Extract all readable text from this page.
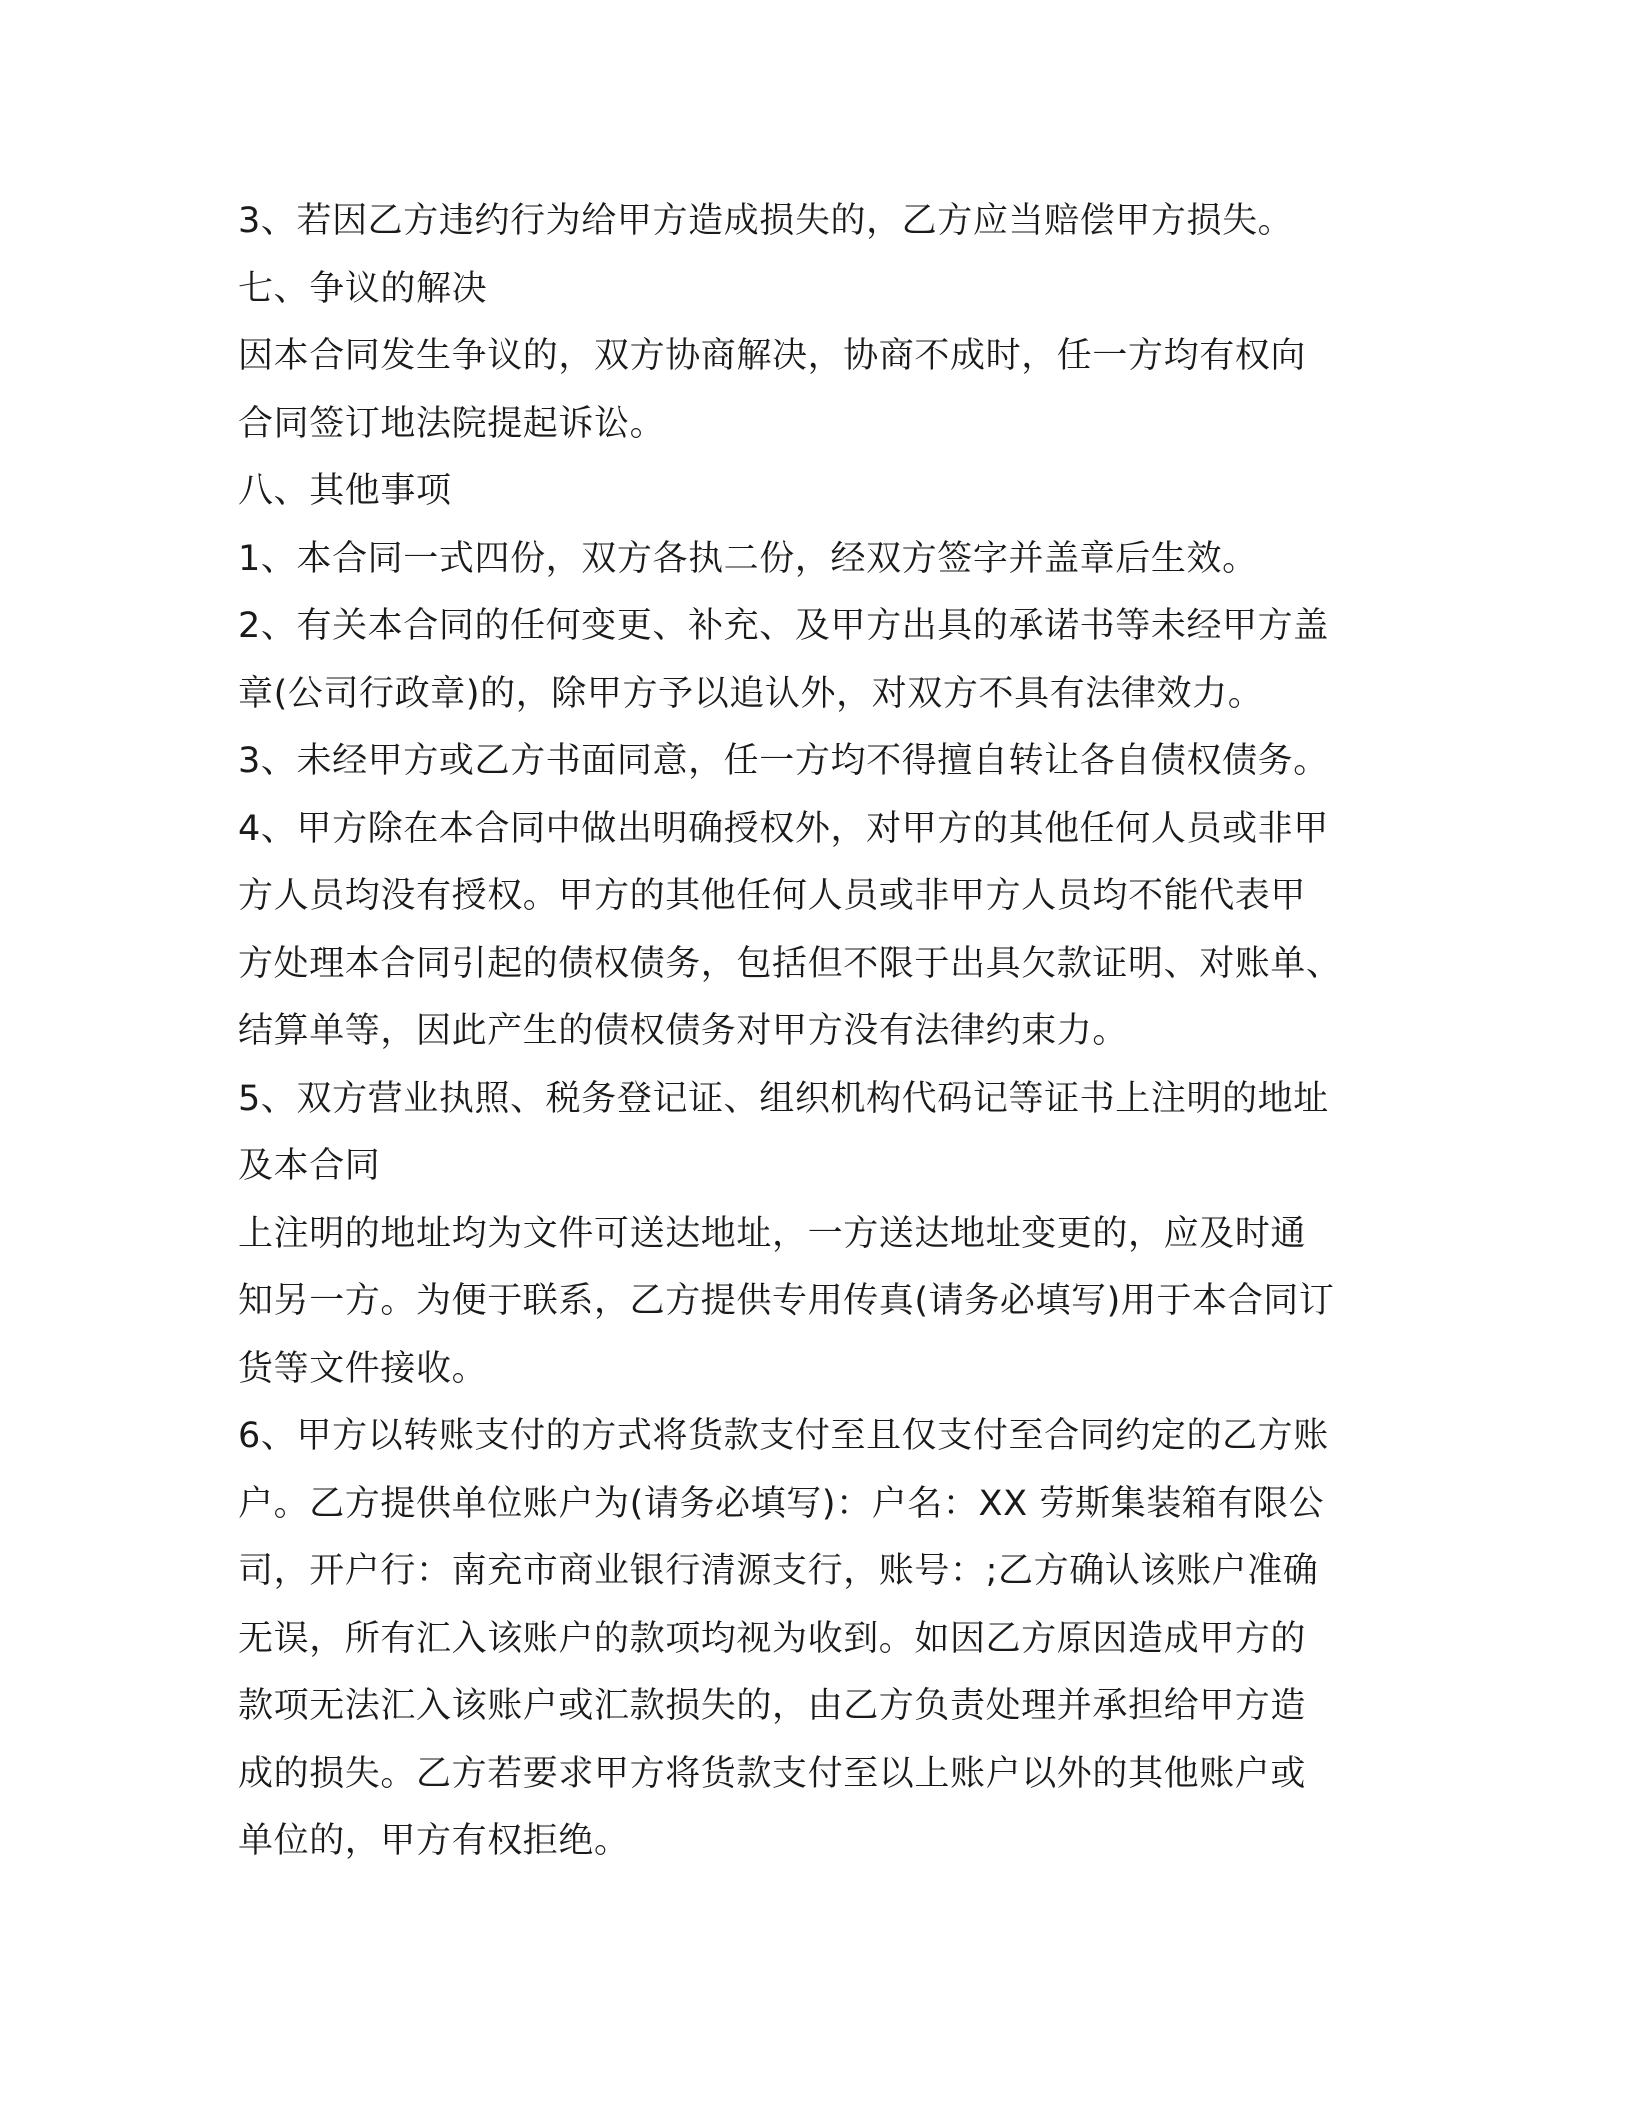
3、若因乙方违约行为给甲方造成损失的，乙方应当赔偿甲方损失。
七、争议的解决
因本合同发生争议的，双方协商解决，协商不成时，任一方均有权向
合同签订地法院提起诉讼。
八、其他事项
1、本合同一式四份，双方各执二份，经双方签字并盖章后生效。
2、有关本合同的任何变更、补充、及甲方出具的承诺书等未经甲方盖
章(公司行政章)的，除甲方予以追认外，对双方不具有法律效力。
3、未经甲方或乙方书面同意，任一方均不得擅自转让各自债权债务。
4、甲方除在本合同中做出明确授权外，对甲方的其他任何人员或非甲
方人员均没有授权。甲方的其他任何人员或非甲方人员均不能代表甲
方处理本合同引起的债权债务，包括但不限于出具欠款证明、对账单、
结算单等，因此产生的债权债务对甲方没有法律约束力。
5、双方营业执照、税务登记证、组织机构代码记等证书上注明的地址
及本合同
上注明的地址均为文件可送达地址，一方送达地址变更的，应及时通
知另一方。为便于联系，乙方提供专用传真(请务必填写)用于本合同订
货等文件接收。
6、甲方以转账支付的方式将货款支付至且仅支付至合同约定的乙方账
户。乙方提供单位账户为(请务必填写)：户名：XX 劳斯集装箱有限公
司，开户行：南充市商业银行清源支行，账号：;乙方确认该账户准确
无误，所有汇入该账户的款项均视为收到。如因乙方原因造成甲方的
款项无法汇入该账户或汇款损失的，由乙方负责处理并承担给甲方造
成的损失。乙方若要求甲方将货款支付至以上账户以外的其他账户或
单位的，甲方有权拒绝。
